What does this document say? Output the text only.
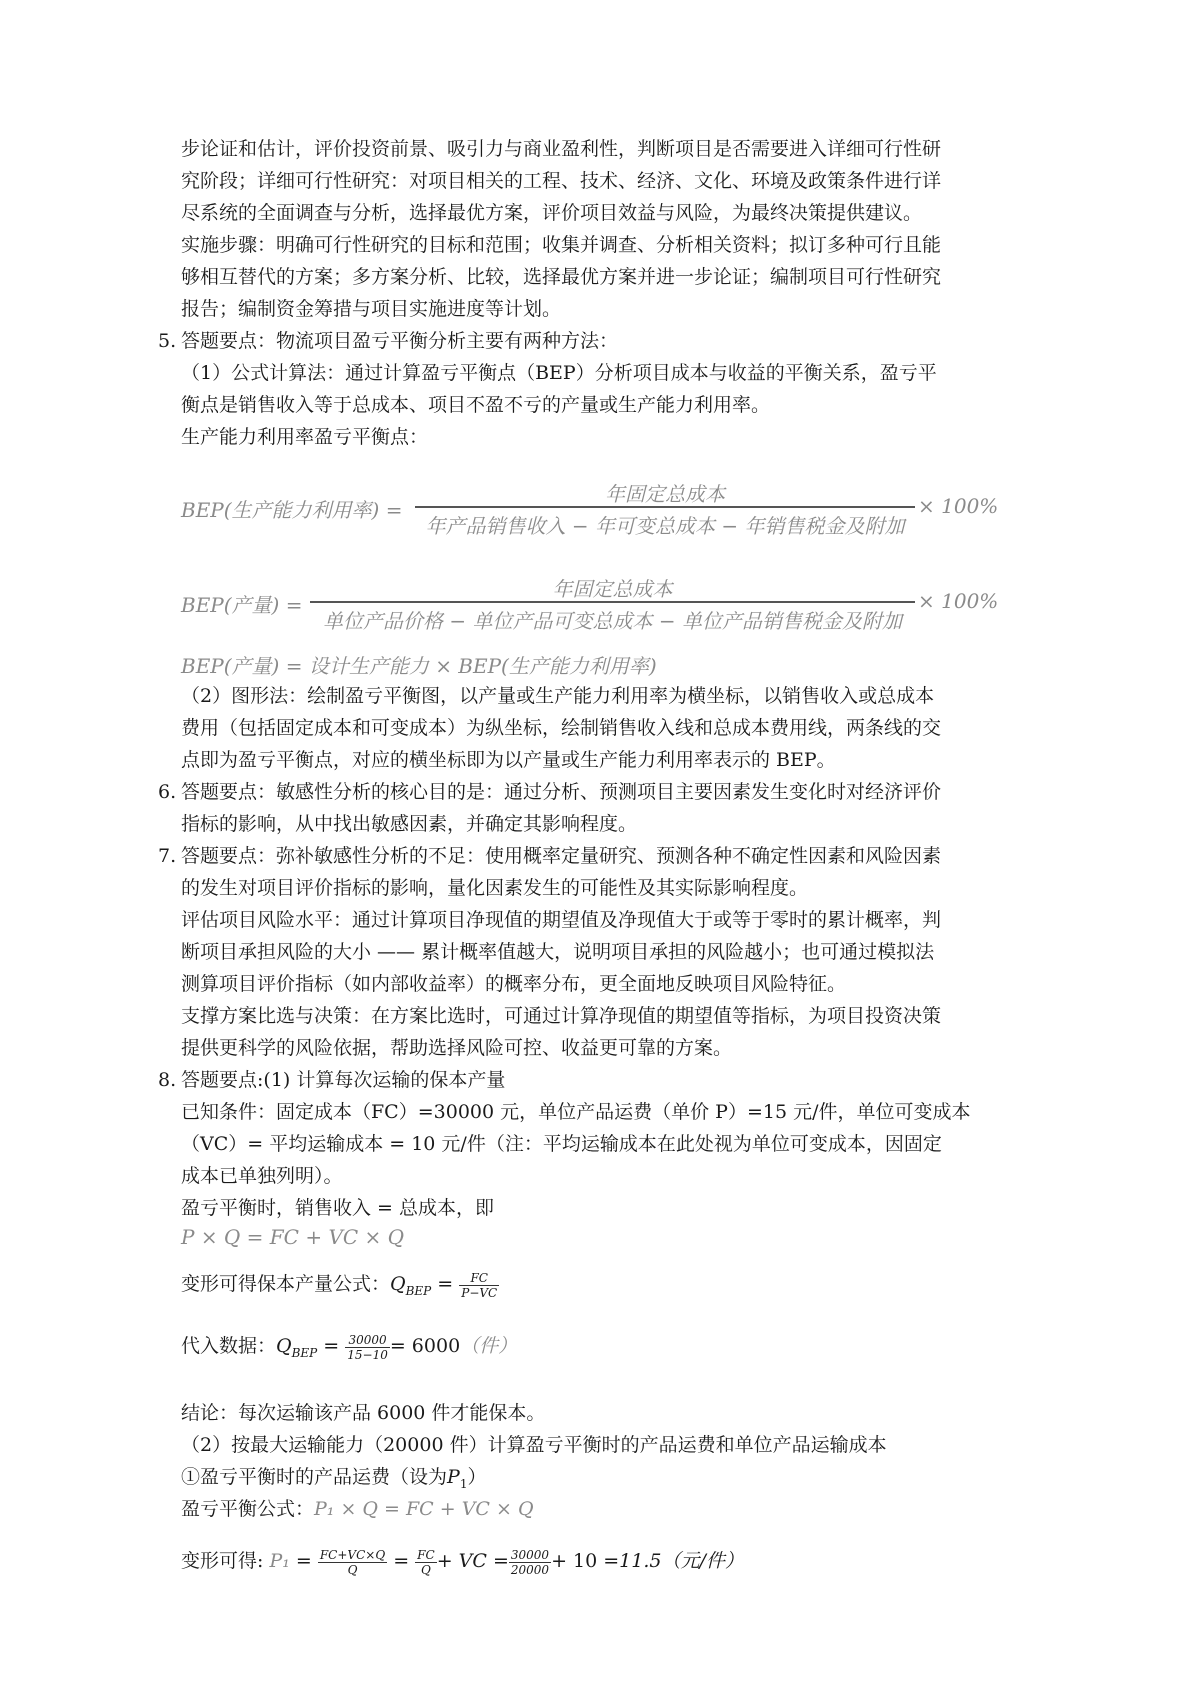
步论证和估计，评价投资前景、吸引力与商业盈利性，判断项目是否需要进入详细可行性研
究阶段；详细可行性研究：对项目相关的工程、技术、经济、文化、环境及政策条件进行详
尽系统的全面调查与分析，选择最优方案，评价项目效益与风险，为最终决策提供建议。
实施步骤：明确可行性研究的目标和范围；收集并调查、分析相关资料；拟订多种可行且能
够相互替代的方案；多方案分析、比较，选择最优方案并进一步论证；编制项目可行性研究
报告；编制资金筹措与项目实施进度等计划。
5. 答题要点：物流项目盈亏平衡分析主要有两种方法：
（1）公式计算法：通过计算盈亏平衡点（BEP）分析项目成本与收益的平衡关系，盈亏平
衡点是销售收入等于总成本、项目不盈不亏的产量或生产能力利用率。
生产能力利用率盈亏平衡点：
BEP(生产能力利用率) =
年固定总成本
年产品销售收入 − 年可变总成本 − 年销售税金及附加
× 100%
BEP(产量) =
年固定总成本
单位产品价格 − 单位产品可变总成本 − 单位产品销售税金及附加
× 100%
BEP(产量) = 设计生产能力 × BEP(生产能力利用率)
（2）图形法：绘制盈亏平衡图，以产量或生产能力利用率为横坐标，以销售收入或总成本
费用（包括固定成本和可变成本）为纵坐标，绘制销售收入线和总成本费用线，两条线的交
点即为盈亏平衡点，对应的横坐标即为以产量或生产能力利用率表示的 BEP。
6. 答题要点：敏感性分析的核心目的是：通过分析、预测项目主要因素发生变化时对经济评价
指标的影响，从中找出敏感因素，并确定其影响程度。
7. 答题要点：弥补敏感性分析的不足：使用概率定量研究、预测各种不确定性因素和风险因素
的发生对项目评价指标的影响，量化因素发生的可能性及其实际影响程度。
评估项目风险水平：通过计算项目净现值的期望值及净现值大于或等于零时的累计概率，判
断项目承担风险的大小 —— 累计概率值越大，说明项目承担的风险越小；也可通过模拟法
测算项目评价指标（如内部收益率）的概率分布，更全面地反映项目风险特征。
支撑方案比选与决策：在方案比选时，可通过计算净现值的期望值等指标，为项目投资决策
提供更科学的风险依据，帮助选择风险可控、收益更可靠的方案。
8. 答题要点:(1) 计算每次运输的保本产量
已知条件：固定成本（FC）=30000 元，单位产品运费（单价 P）=15 元/件，单位可变成本
（VC）= 平均运输成本 = 10 元/件（注：平均运输成本在此处视为单位可变成本，因固定
成本已单独列明）。
盈亏平衡时，销售收入 = 总成本，即
P × Q = FC + VC × Q
变形可得保本产量公式：$Q_{BEP} = \frac{FC}{P-VC}$
代入数据：$Q_{BEP} = \frac{30000}{15-10} = 6000$（件）
结论：每次运输该产品 6000 件才能保本。
（2）按最大运输能力（20000 件）计算盈亏平衡时的产品运费和单位产品运输成本
①盈亏平衡时的产品运费（设为$P_1$）
盈亏平衡公式：P₁ × Q = FC + VC × Q
变形可得: $P_1 = \frac{FC+VC\times Q}{Q} = \frac{FC}{Q}$ + VC = $\frac{30000}{20000} + 10 =11.5$（元/件）
